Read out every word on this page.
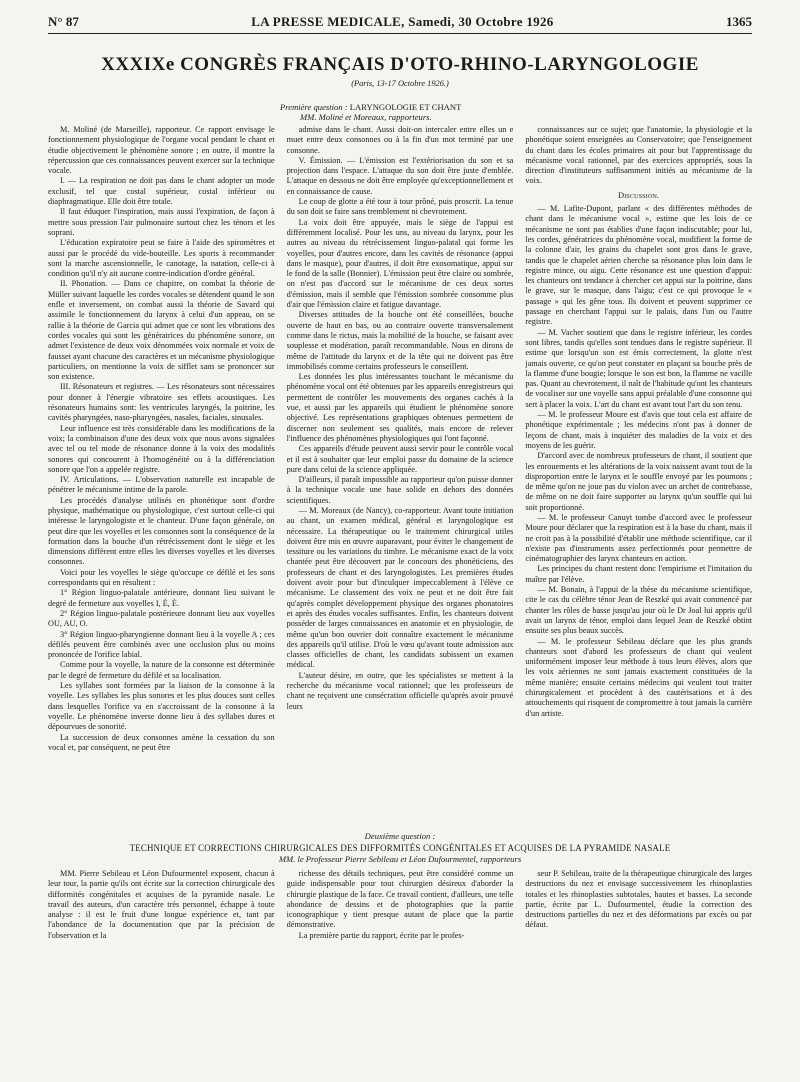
N° 87	LA PRESSE MEDICALE, Samedi, 30 Octobre 1926	1365
XXXIXe CONGRÈS FRANÇAIS D'OTO-RHINO-LARYNGOLOGIE
(Paris, 13-17 Octobre 1926.)
Première question : LARYNGOLOGIE ET CHANT
MM. Moliné et Moreaux, rapporteurs.

M. Moliné (de Marseille), rapporteur. Ce rapport envisage le fonctionnement physiologique de l'organe vocal pendant le chant et étudie objectivement le phénomène sonore ; en outre, il montre la répercussion que ces connaissances peuvent exercer sur la technique vocale.

I. — La respiration ne doit pas dans le chant adopter un mode exclusif, tel que costal supérieur, costal inférieur ou diaphragmatique. Elle doit être totale.

Il faut éduquer l'inspiration, mais aussi l'expiration, de façon à mettre sous pression l'air pulmonaire surtout chez les ténors et les soprani.

L'éducation expiratoire peut se faire à l'aide des spiromètres et aussi par le procédé du vide-bouteille. Les sports à recommander sont la marche ascensionnelle, le canotage, la natation, celle-ci à condition qu'il n'y ait aucune contre-indication d'ordre général.

II. Phonation. — Dans ce chapitre, on combat la théorie de Müller suivant laquelle les cordes vocales se détendent quand le son enfle et inversement, on combat aussi la théorie de Savard qui assimile le fonctionnement du larynx à celui d'un appeau, on se rallie à la théorie de Garcia qui admet que ce sont les vibrations des cordes vocales qui sont les génératrices du phénomène sonore, on admet l'existence de deux voix dénommées voix normale et voix de fausset ayant chacune des caractères et un mécanisme physiologique particuliers, on mentionne la voix de sifflet sans se prononcer sur son existence.

III. Résonateurs et registres. — Les résonateurs sont nécessaires pour donner à l'énergie vibratoire ses effets acoustiques. Les résonateurs humains sont: les ventricules laryngés, la poitrine, les cavités pharyngées, naso-pharyngées, nasales, faciales, sinusales.

Leur influence est très considérable dans les modifications de la voix; la combinaison d'une des deux voix que nous avons signalées avec tel ou tel mode de résonance donne à la voix des modalités sonores qui concourent à l'homogénéité ou à la différenciation sonore que l'on a appelée registre.

IV. Articulations. — L'observation naturelle est incapable de pénétrer le mécanisme intime de la parole.

Les procédés d'analyse utilisés en phonétique sont d'ordre physique, mathématique ou physiologique, c'est surtout celle-ci qui intéresse le laryngologiste et le chanteur. D'une façon générale, on peut dire que les voyelles et les consonnes sont la conséquence de la formation dans la bouche d'un rétrécissement dont le siège et les dimensions diffèrent entre elles les diverses voyelles et les diverses consonnes.

Voici pour les voyelles le siège qu'occupe ce défilé et les sons correspondants qui en résultent :

1° Région linguo-palatale antérieure, donnant lieu suivant le degré de fermeture aux voyelles I, É, È.

2° Région linguo-palatale postérieure donnant lieu aux voyelles OU, AU, O.

3° Région linguo-pharyngienne donnant lieu à la voyelle A ; ces défilés peuvent être combinés avec une occlusion plus ou moins prononcée de l'orifice labial.

Comme pour la voyelle, la nature de la consonne est déterminée par le degré de fermeture du défilé et sa localisation.

Les syllabes sont formées par la liaison de la consonne à la voyelle. Les syllabes les plus sonores et les plus douces sont celles dans lesquelles l'orifice va en s'accroissant de la consonne à la voyelle. Le phénomène inverse donne lieu à des syllabes dures et dépourvues de sonorité.

La succession de deux consonnes amène la cessation du son vocal et, par conséquent, ne peut être

admise dans le chant. Aussi doit-on intercaler entre elles un e muet entre deux consonnes ou à la fin d'un mot terminé par une consonne.

V. Émission. — L'émission est l'extériorisation du son et sa projection dans l'espace. L'attaque du son doit être juste d'emblée. L'attaque en dessous ne doit être employée qu'exceptionnellement et en connaissance de cause.

Le coup de glotte a été tour à tour prôné, puis proscrit. La tenue du son doit se faire sans tremblement ni chevrotement.

La voix doit être appuyée, mais le siège de l'appui est différemment localisé. Pour les uns, au niveau du larynx, pour les autres au niveau du rétrécissement linguo-palatal qui forme les voyelles, pour d'autres encore, dans les cavités de résonance (appui dans le masque), pour d'autres, il doit être exosomatique, appui sur le fond de la salle (Bonnier). L'émission peut être claire ou sombrée, on n'est pas d'accord sur le mécanisme de ces deux sortes d'émission, mais il semble que l'émission sombrée consomme plus d'air que l'émission claire et fatigue davantage.

Diverses attitudes de la bouche ont été conseillées, bouche ouverte de haut en bas, ou au contraire ouverte transversalement comme dans le rictus, mais la mobilité de la bouche, se faisant avec souplesse et modération, paraît recommandable. Nous en dirons de même de l'attitude du larynx et de la tête qui ne doivent pas être immobilisés comme certains professeurs le conseillent.

Les données les plus intéressantes touchant le mécanisme du phénomène vocal ont été obtenues par les appareils enregistreurs qui permettent de contrôler les mouvements des organes cachés à la vue, et aussi par les appareils qui étudient le phénomène sonore objectivé. Les représentations graphiques obtenues permettent de discerner non seulement ses qualités, mais encore de relever l'influence des phénomènes physiologiques qui l'ont façonné.

Ces appareils d'étude peuvent aussi servir pour le contrôle vocal et il est à souhaiter que leur emploi passe du domaine de la science pure dans celui de la science appliquée.

D'ailleurs, il paraît impossible au rapporteur qu'on puisse donner à la technique vocale une base solide en dehors des données scientifiques.

— M. Moreaux (de Nancy), co-rapporteur. Avant toute initiation au chant, un examen médical, général et laryngologique est nécessaire. La thérapeutique ou le traitement chirurgical utiles doivent être mis en œuvre auparavant, pour éviter le changement de tessiture ou les variations du timbre. Le mécanisme exact de la voix chantée peut être découvert par le concours des phonéticiens, des professeurs de chant et des laryngologistes. Les premières études doivent avoir pour but d'inculquer impeccablement à l'élève ce mécanisme. Le classement des voix ne peut et ne doit être fait qu'après complet développement physique des organes phonatoires et après des études vocales suffisantes. Enfin, les chanteurs doivent posséder de larges connaissances en anatomie et en physiologie, de même qu'un bon ouvrier doit connaître exactement le mécanisme des appareils qu'il utilise. D'où le vœu qu'avant toute admission aux classes officielles de chant, les candidats subissent un examen médical.

L'auteur désire, en outre, que les spécialistes se mettent à la recherche du mécanisme vocal rationnel; que les professeurs de chant ne reçoivent une consécration officielle qu'après avoir prouvé leurs

connaissances sur ce sujet; que l'anatomie, la physiologie et la phonétique soient enseignées au Conservatoire; que l'enseignement du chant dans les écoles primaires ait pour but l'apprentissage du mécanisme vocal rationnel, par des exercices appropriés, sous la direction d'instituteurs suffisamment initiés au mécanisme de la voix.

Discussion.

— M. Lafite-Dupont, parlant « des différentes méthodes de chant dans le mécanisme vocal », estime que les lois de ce mécanisme ne sont pas établies d'une façon indiscutable; pour lui, les cordes, génératrices du phénomène vocal, modifient la forme de la colonne d'air, les grains du chapelet sont gros dans le grave, tandis que le chapelet aérien cherche sa résonance plus loin dans le registre mince, ou aigu. Cette résonance est une question d'appui: les chanteurs ont tendance à chercher cet appui sur la poitrine, dans le grave, sur le masque, dans l'aigu; c'est ce qui provoque le « passage » qui les gêne tous. Ils doivent et peuvent supprimer ce passage en cherchant l'appui sur le palais, dans l'un ou l'autre registre.

— M. Vacher soutient que dans le registre inférieur, les cordes sont libres, tandis qu'elles sont tendues dans le registre supérieur. Il estime que lorsqu'un son est émis correctement, la glotte n'est jamais ouverte, ce qu'on peut constater en plaçant sa bouche près de la flamme d'une bougie; lorsque le son est bon, la flamme ne vacille pas. Quant au chevrotement, il naît de l'habitude qu'ont les chanteurs de vocaliser sur une voyelle sans appui préalable d'une consonne qui sert à placer la voix. L'art du chant est avant tout l'art du son tenu.

— M. le professeur Moure est d'avis que tout cela est affaire de phonétique expérimentale ; les médecins n'ont pas à donner de leçons de chant, mais à inquiéter des maladies de la voix et des moyens de les guérir.

D'accord avec de nombreux professeurs de chant, il soutient que les enrouements et les altérations de la voix naissent avant tout de la disproportion entre le larynx et le souffle envoyé par les poumons ; de même qu'on ne joue pas du violon avec un archet de contrebasse, de même on ne doit faire supporter au larynx qu'un souffle qui lui soit proportionné.

— M. le professeur Canuyt tombe d'accord avec le professeur Moure pour déclarer que la respiration est à la base du chant, mais il ne croit pas à la possibilité d'établir une méthode scientifique, car il n'existe pas d'instruments assez perfectionnés pour permettre de cinématographier des larynx chanteurs en action.

Les principes du chant restent donc l'empirisme et l'imitation du maître par l'élève.

— M. Bonain, à l'appui de la thèse du mécanisme scientifique, cite le cas du célèbre ténor Jean de Reszké qui avait commencé par chanter les rôles de basse jusqu'au jour où le Dr Joal lui appris qu'il avait un larynx de ténor, emploi dans lequel Jean de Reszké obtint ensuite ses plus beaux succès.

— M. le professeur Sebileau déclare que les plus grands chanteurs sont d'abord les professeurs de chant qui veulent uniformément imposer leur méthode à tous leurs élèves, alors que les voix aériennes ne sont jamais exactement constituées de la même manière; ensuite certains médecins qui veulent tout traiter chirurgicalement et procèdent à des cautérisations et à des attouchements qui risquent de compromettre à tout jamais la carrière d'un artiste.

Deuxième question :
TECHNIQUE ET CORRECTIONS CHIRURGICALES DES DIFFORMITÉS CONGÉNITALES ET ACQUISES DE LA PYRAMIDE NASALE
MM. le Professeur Pierre Sebileau et Léon Dufourmentel, rapporteurs

MM. Pierre Sebileau et Léon Dufourmentel exposent, chacun à leur tour, la partie qu'ils ont écrite sur la correction chirurgicale des difformités congénitales et acquises de la pyramide nasale. Le travail des auteurs, d'un caractère très personnel, échappe à toute analyse : il est le fruit d'une longue expérience et, tant par l'abondance de la documentation que par la précision de l'observation et la

richesse des détails techniques, peut être considéré comme un guide indispensable pour tout chirurgien désireux d'aborder la chirurgie plastique de la face. Ce travail contient, d'ailleurs, une telle abondance de dessins et de photographies que la partie iconographique y tient presque autant de place que la partie démonstrative.

La première partie du rapport, écrite par le profes-

seur P. Sebileau, traite de la thérapeutique chirurgicale des larges destructions du nez et envisage successivement les rhinoplasties totales et les rhinoplasties subtotales, hautes et basses. La seconde partie, écrite par L. Dufourmentel, étudie la correction des destructions partielles du nez et des déformations par excès ou par défaut.
